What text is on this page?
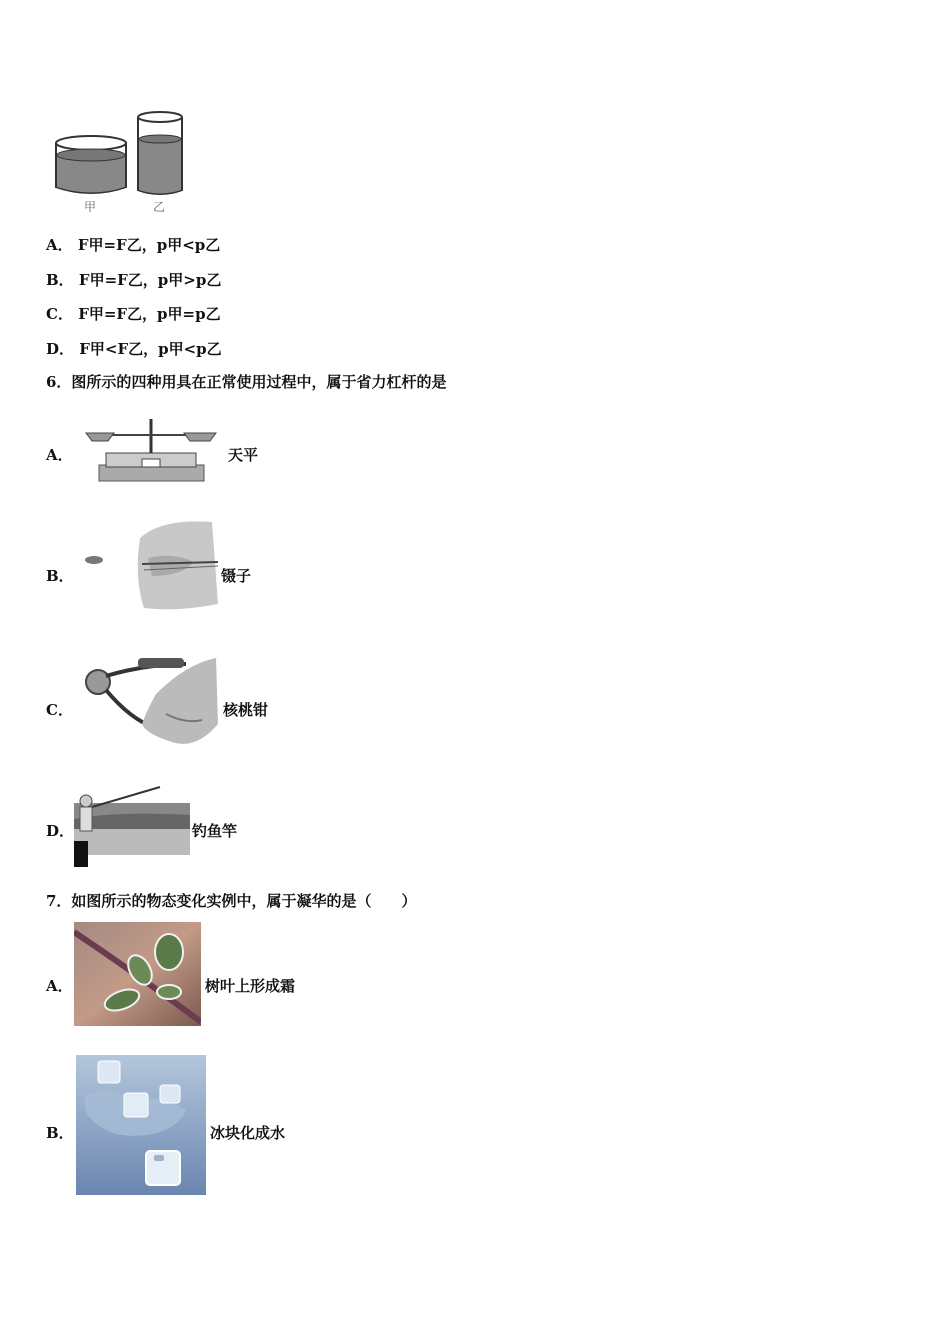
甲	乙
A． F甲=F乙，p甲<p乙
B． F甲=F乙，p甲>p乙
C． F甲=F乙，p甲=p乙
D． F甲<F乙，p甲<p乙
6．图所示的四种用具在正常使用过程中，属于省力杠杆的是
A．	天平
B．	镊子
C．	核桃钳
D．	钓鱼竿
7．如图所示的物态变化实例中，属于凝华的是（　　）
A．	树叶上形成霜
B．	冰块化成水
